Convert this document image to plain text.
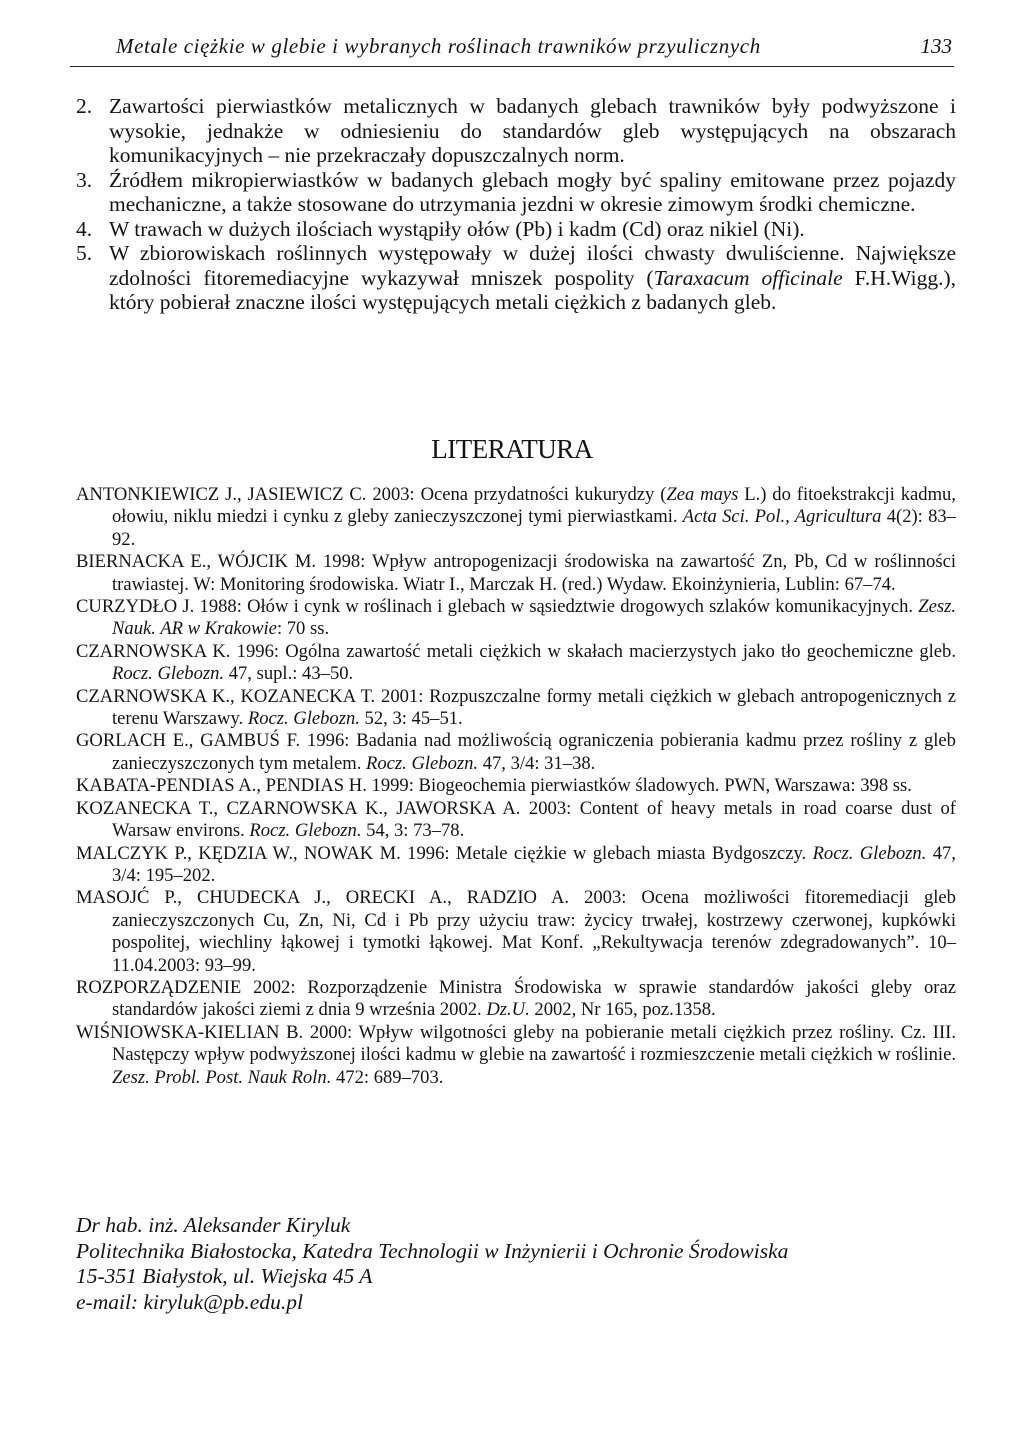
Metale ciężkie w glebie i wybranych roślinach trawników przyulicznych	133
2. Zawartości pierwiastków metalicznych w badanych glebach trawników były podwyższone i wysokie, jednakże w odniesieniu do standardów gleb występujących na obszarach komunikacyjnych – nie przekraczały dopuszczalnych norm.
3. Źródłem mikropierwiastków w badanych glebach mogły być spaliny emitowane przez pojazdy mechaniczne, a także stosowane do utrzymania jezdni w okresie zimowym środki chemiczne.
4. W trawach w dużych ilościach wystąpiły ołów (Pb) i kadm (Cd) oraz nikiel (Ni).
5. W zbiorowiskach roślinnych występowały w dużej ilości chwasty dwuliścienne. Największe zdolności fitoremediacyjne wykazywał mniszek pospolity (Taraxacum officinale F.H.Wigg.), który pobierał znaczne ilości występujących metali ciężkich z badanych gleb.
LITERATURA
ANTONKIEWICZ J., JASIEWICZ C. 2003: Ocena przydatności kukurydzy (Zea mays L.) do fitoekstrakcji kadmu, ołowiu, niklu miedzi i cynku z gleby zanieczyszczonej tymi pierwiastkami. Acta Sci. Pol., Agricultura 4(2): 83–92.
BIERNACKA E., WÓJCIK M. 1998: Wpływ antropogenizacji środowiska na zawartość Zn, Pb, Cd w roślinności trawiastej. W: Monitoring środowiska. Wiatr I., Marczak H. (red.) Wydaw. Ekoinżynieria, Lublin: 67–74.
CURZYDŁO J. 1988: Ołów i cynk w roślinach i glebach w sąsiedztwie drogowych szlaków komunikacyjnych. Zesz. Nauk. AR w Krakowie: 70 ss.
CZARNOWSKA K. 1996: Ogólna zawartość metali ciężkich w skałach macierzystych jako tło geochemiczne gleb. Rocz. Glebozn. 47, supl.: 43–50.
CZARNOWSKA K., KOZANECKA T. 2001: Rozpuszczalne formy metali ciężkich w glebach antropogenicznych z terenu Warszawy. Rocz. Glebozn. 52, 3: 45–51.
GORLACH E., GAMBUŚ F. 1996: Badania nad możliwością ograniczenia pobierania kadmu przez rośliny z gleb zanieczyszczonych tym metalem. Rocz. Glebozn. 47, 3/4: 31–38.
KABATA-PENDIAS A., PENDIAS H. 1999: Biogeochemia pierwiastków śladowych. PWN, Warszawa: 398 ss.
KOZANECKA T., CZARNOWSKA K., JAWORSKA A. 2003: Content of heavy metals in road coarse dust of Warsaw environs. Rocz. Glebozn. 54, 3: 73–78.
MALCZYK P., KĘDZIA W., NOWAK M. 1996: Metale ciężkie w glebach miasta Bydgoszczy. Rocz. Glebozn. 47, 3/4: 195–202.
MASOJĆ P., CHUDECKA J., ORECKI A., RADZIO A. 2003: Ocena możliwości fitoremediacji gleb zanieczyszczonych Cu, Zn, Ni, Cd i Pb przy użyciu traw: życicy trwałej, kostrzewy czerwonej, kupkówki pospolitej, wiechliny łąkowej i tymotki łąkowej. Mat Konf. „Rekultywacja terenów zdegradowanych”. 10–11.04.2003: 93–99.
ROZPORZĄDZENIE 2002: Rozporządzenie Ministra Środowiska w sprawie standardów jakości gleby oraz standardów jakości ziemi z dnia 9 września 2002. Dz.U. 2002, Nr 165, poz.1358.
WIŚNIOWSKA-KIELIAN B. 2000: Wpływ wilgotności gleby na pobieranie metali ciężkich przez rośliny. Cz. III. Następczy wpływ podwyższonej ilości kadmu w glebie na zawartość i rozmieszczenie metali ciężkich w roślinie. Zesz. Probl. Post. Nauk Roln. 472: 689–703.
Dr hab. inż. Aleksander Kiryluk
Politechnika Białostocka, Katedra Technologii w Inżynierii i Ochronie Środowiska
15-351 Białystok, ul. Wiejska 45 A
e-mail: kiryluk@pb.edu.pl
